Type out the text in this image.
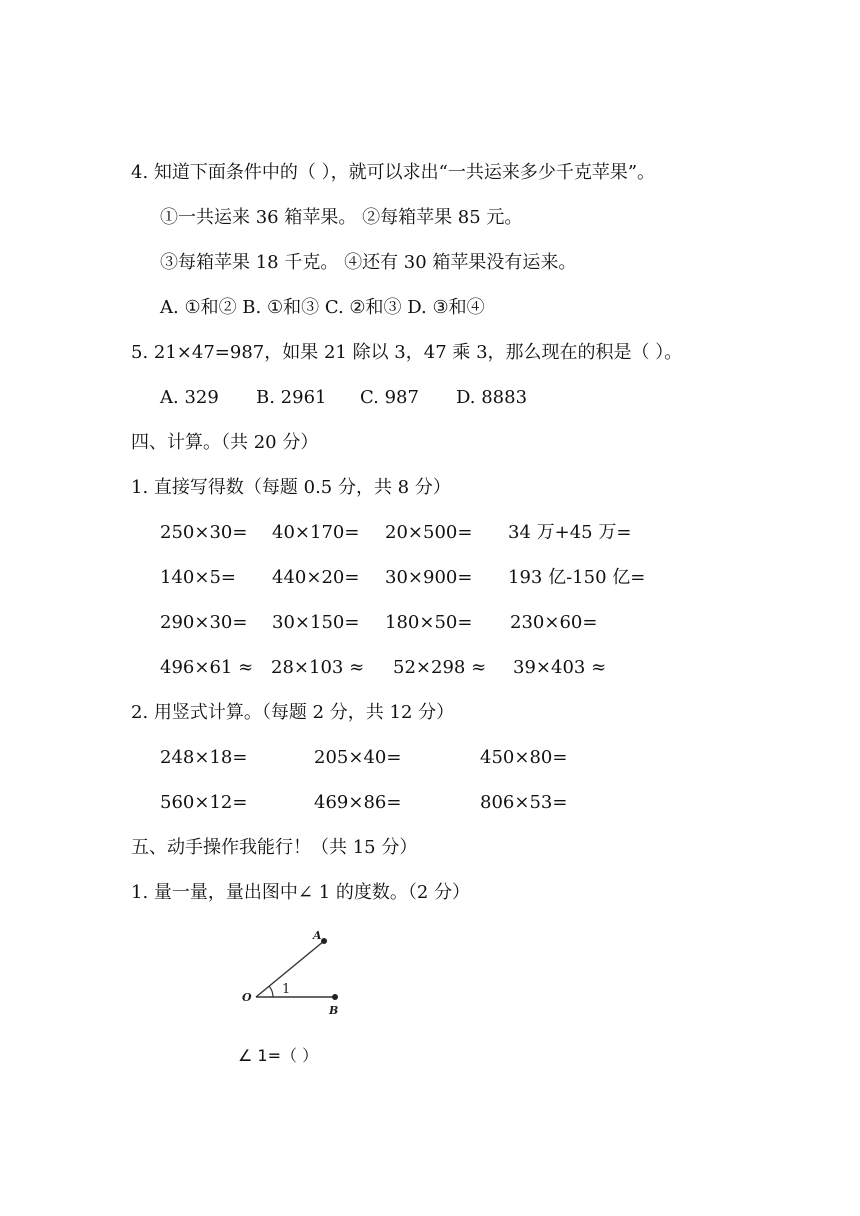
4. 知道下面条件中的（ ），就可以求出“一共运来多少千克苹果”。
①一共运来 36 箱苹果。 ②每箱苹果 85 元。
③每箱苹果 18 千克。 ④还有 30 箱苹果没有运来。
A. ①和② B. ①和③ C. ②和③ D. ③和④
5. 21×47=987，如果 21 除以 3，47 乘 3，那么现在的积是（ ）。
A. 329 B. 2961 C. 987 D. 8883
四、计算。（共 20 分）
1. 直接写得数（每题 0.5 分，共 8 分）
250×30= 40×170= 20×500= 34 万+45 万=
140×5= 440×20= 30×900= 193 亿-150 亿=
290×30= 30×150= 180×50= 230×60=
496×61 ≈ 28×103 ≈ 52×298 ≈ 39×403 ≈
2. 用竖式计算。（每题 2 分，共 12 分）
248×18=	205×40=	450×80=
560×12=	469×86=	806×53=
五、动手操作我能行！（共 15 分）
1. 量一量，量出图中∠ 1 的度数。（2 分）
A
O
B
1
∠ 1=（ ）
